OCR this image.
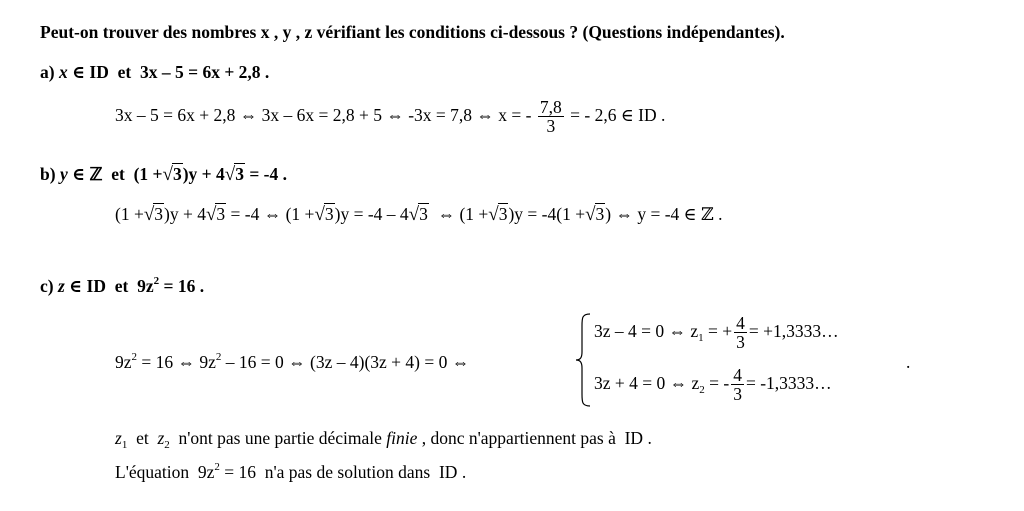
Peut-on trouver des nombres x , y , z vérifiant les conditions ci-dessous ? (Questions indépendantes).
a) x ∈ ID et 3x – 5 = 6x + 2,8 .
3x – 5 = 6x + 2,8 ⇔ 3x – 6x = 2,8 + 5 ⇔ -3x = 7,8 ⇔ x = - $\frac{7,8}{3}$ = - 2,6 ∈ ID .
b) y ∈ ℤ et (1 +√3)y + 4√3 = -4 .
(1 +√3)y + 4√3 = -4 ⇔ (1 +√3)y = -4 – 4√3 ⇔ (1 +√3)y = -4(1 +√3) ⇔ y = -4 ∈ ℤ .
c) z ∈ ID et $9z^2 = 16$ .
$9z^2 = 16$ ⇔ $9z^2 - 16 = 0$ ⇔ (3z – 4)(3z + 4) = 0 ⇔
3z – 4 = 0 ⇔ $z_1$ = + $\frac{4}{3}$ = +1,3333…
3z + 4 = 0 ⇔ $z_2$ = - $\frac{4}{3}$ = -1,3333…
.
$z_1$  et  $z_2$  n'ont pas une partie décimale finie , donc n'appartiennent pas à  ID .
L'équation  $9z^2 = 16$  n'a pas de solution dans  ID .
